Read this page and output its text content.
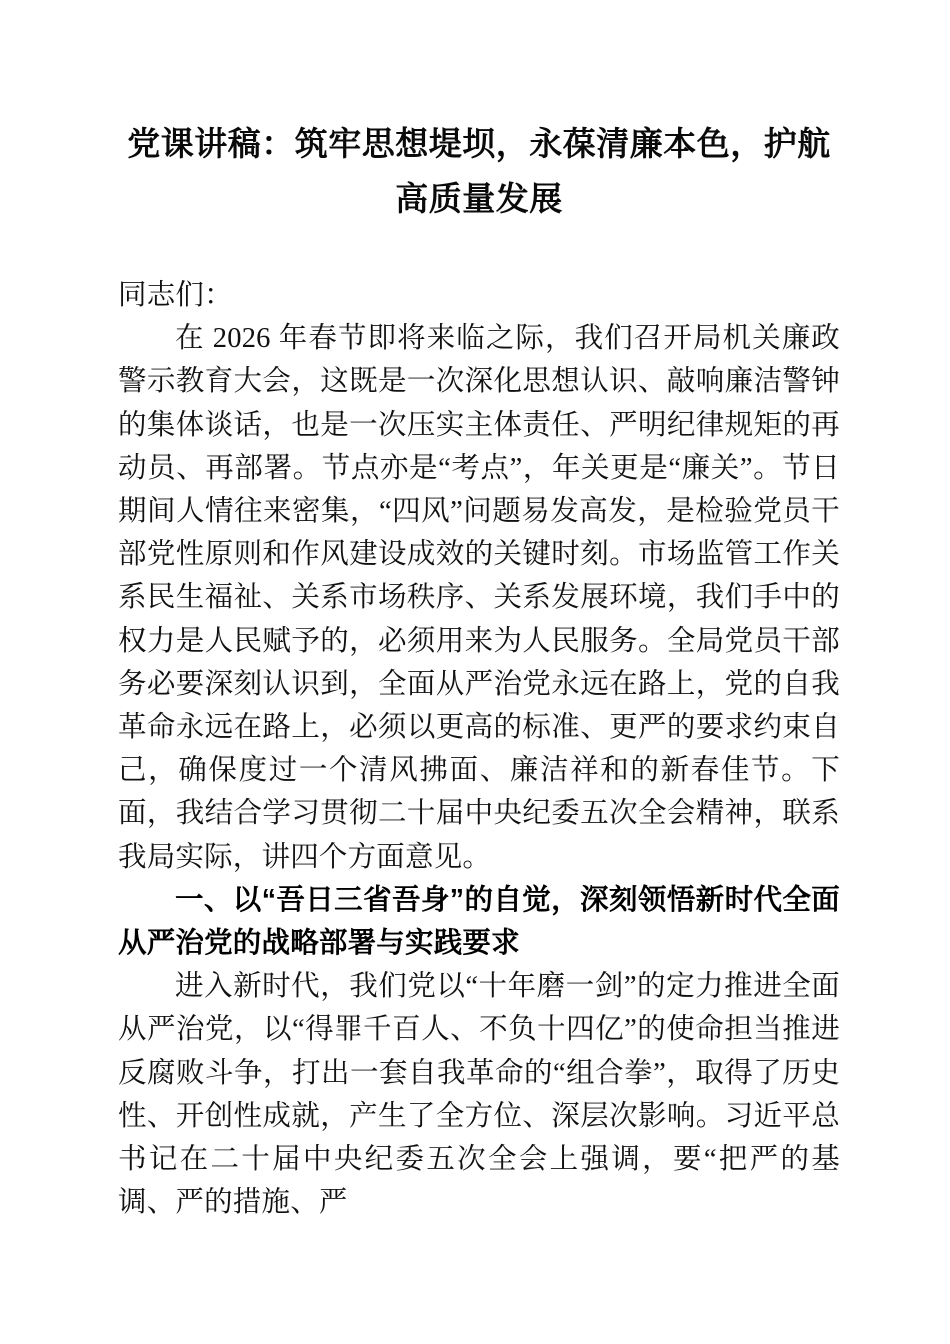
党课讲稿：筑牢思想堤坝，永葆清廉本色，护航高质量发展

同志们：

在 2026 年春节即将来临之际，我们召开局机关廉政警示教育大会，这既是一次深化思想认识、敲响廉洁警钟的集体谈话，也是一次压实主体责任、严明纪律规矩的再动员、再部署。节点亦是“考点”，年关更是“廉关”。节日期间人情往来密集，“四风”问题易发高发，是检验党员干部党性原则和作风建设成效的关键时刻。市场监管工作关系民生福祉、关系市场秩序、关系发展环境，我们手中的权力是人民赋予的，必须用来为人民服务。全局党员干部务必要深刻认识到，全面从严治党永远在路上，党的自我革命永远在路上，必须以更高的标准、更严的要求约束自己，确保度过一个清风拂面、廉洁祥和的新春佳节。下面，我结合学习贯彻二十届中央纪委五次全会精神，联系我局实际，讲四个方面意见。

一、以“吾日三省吾身”的自觉，深刻领悟新时代全面从严治党的战略部署与实践要求

进入新时代，我们党以“十年磨一剑”的定力推进全面从严治党，以“得罪千百人、不负十四亿”的使命担当推进反腐败斗争，打出一套自我革命的“组合拳”，取得了历史性、开创性成就，产生了全方位、深层次影响。习近平总书记在二十届中央纪委五次全会上强调，要“把严的基调、严的措施、严
